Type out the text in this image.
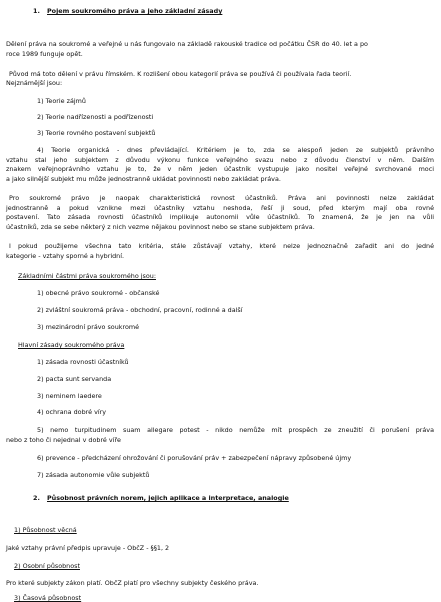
1. Pojem soukromého práva a jeho základní zásady
Dělení práva na soukromé a veřejné u nás fungovalo na základě rakouské tradice od počátku ČSR do 40. let a po
roce 1989 funguje opět.
Původ má toto dělení v právu římském. K rozlišení obou kategorií práva se používá či používala řada teorií.
Nejznámější jsou:
1) Teorie zájmů
2) Teorie nadřízenosti a podřízenosti
3) Teorie rovného postavení subjektů
4) Teorie organická - dnes převládající. Kritériem je to, zda se alespoň jeden ze subjektů právního
vztahu stal jeho subjektem z důvodu výkonu funkce veřejného svazu nebo z důvodu členství v něm. Dalším
znakem veřejnoprávního vztahu je to, že v něm jeden účastník vystupuje jako nositel veřejné svrchované moci
a jako silnější subjekt mu může jednostranně ukládat povinnosti nebo zakládat práva.
Pro soukromé právo je naopak charakteristická rovnost účastníků. Práva ani povinnosti nelze zakládat
jednostranně a pokud vznikne mezi účastníky vztahu neshoda, řeší ji soud, před kterým mají oba rovné
postavení. Tato zásada rovnosti účastníků implikuje autonomii vůle účastníků. To znamená, že je jen na vůli
účastníků, zda se sebe některý z nich vezme nějakou povinnost nebo se stane subjektem práva.
I pokud použijeme všechna tato kritéria, stále zůstávají vztahy, které nelze jednoznačně zařadit ani do jedné
kategorie - vztahy sporné a hybridní.
Základními částmi práva soukromého jsou:
1) obecné právo soukromé - občanské
2) zvláštní soukromá práva - obchodní, pracovní, rodinné a další
3) mezinárodní právo soukromé
Hlavní zásady soukromého práva
1) zásada rovnosti účastníků
2) pacta sunt servanda
3) neminem laedere
4) ochrana dobré víry
5) nemo turpitudinem suam allegare potest - nikdo nemůže mít prospěch ze zneužití či porušení práva
nebo z toho či nejednal v dobré víře
6) prevence - předcházení ohrožování či porušování práv + zabezpečení nápravy způsobené újmy
7) zásada autonomie vůle subjektů
2. Působnost právních norem, jejich aplikace a interpretace, analogie
1) Působnost věcná
Jaké vztahy právní předpis upravuje - ObčZ - §§1, 2
2) Osobní působnost
Pro které subjekty zákon platí. ObčZ platí pro všechny subjekty českého práva.
3) Časová působnost
